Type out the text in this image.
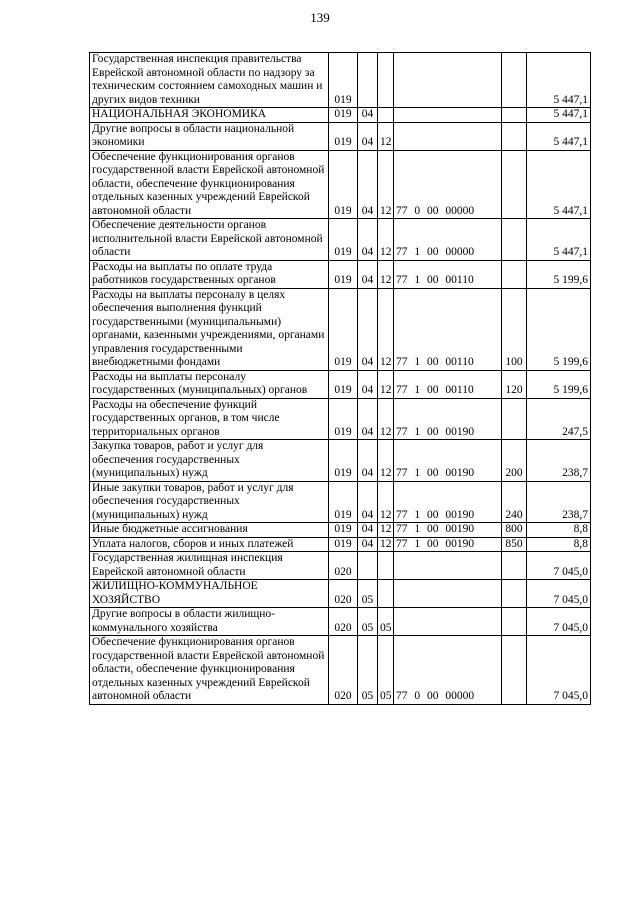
139
Государственная инспекция правительства Еврейской автономной области по надзору за техническим состоянием самоходных машин и других видов техники	019					5 447,1
НАЦИОНАЛЬНАЯ ЭКОНОМИКА	019	04				5 447,1
Другие вопросы в области национальной экономики	019	04	12			5 447,1
Обеспечение функционирования органов государственной власти Еврейской автономной области, обеспечение функционирования отдельных казенных учреждений Еврейской автономной области	019	04	12	77 0 00 00000		5 447,1
Обеспечение деятельности органов исполнительной власти Еврейской автономной области	019	04	12	77 1 00 00000		5 447,1
Расходы на выплаты по оплате труда работников государственных органов	019	04	12	77 1 00 00110		5 199,6
Расходы на выплаты персоналу в целях обеспечения выполнения функций государственными (муниципальными) органами, казенными учреждениями, органами управления государственными внебюджетными фондами	019	04	12	77 1 00 00110	100	5 199,6
Расходы на выплаты персоналу государственных (муниципальных) органов	019	04	12	77 1 00 00110	120	5 199,6
Расходы на обеспечение функций государственных органов, в том числе территориальных органов	019	04	12	77 1 00 00190		247,5
Закупка товаров, работ и услуг для обеспечения государственных (муниципальных) нужд	019	04	12	77 1 00 00190	200	238,7
Иные закупки товаров, работ и услуг для обеспечения государственных (муниципальных) нужд	019	04	12	77 1 00 00190	240	238,7
Иные бюджетные ассигнования	019	04	12	77 1 00 00190	800	8,8
Уплата налогов, сборов и иных платежей	019	04	12	77 1 00 00190	850	8,8
Государственная жилищная инспекция Еврейской автономной области	020					7 045,0
ЖИЛИЩНО-КОММУНАЛЬНОЕ ХОЗЯЙСТВО	020	05				7 045,0
Другие вопросы в области жилищно-коммунального хозяйства	020	05	05			7 045,0
Обеспечение функционирования органов государственной власти Еврейской автономной области, обеспечение функционирования отдельных казенных учреждений Еврейской автономной области	020	05	05	77 0 00 00000		7 045,0
